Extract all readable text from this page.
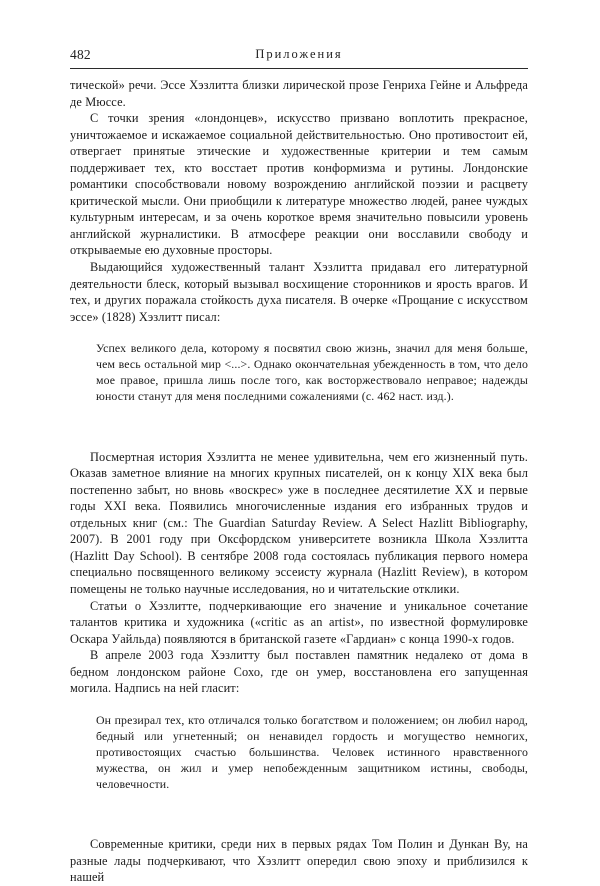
482	Приложения

тической» речи. Эссе Хэзлитта близки лирической прозе Генриха Гейне и Альфреда де Мюссе.

С точки зрения «лондонцев», искусство призвано воплотить прекрасное, уничтожаемое и искажаемое социальной действительностью. Оно противостоит ей, отвергает принятые этические и художественные критерии и тем самым поддерживает тех, кто восстает против конформизма и рутины. Лондонские романтики способствовали новому возрождению английской поэзии и расцвету критической мысли. Они приобщили к литературе множество людей, ранее чуждых культурным интересам, и за очень короткое время значительно повысили уровень английской журналистики. В атмосфере реакции они восславили свободу и открываемые ею духовные просторы.

Выдающийся художественный талант Хэзлитта придавал его литературной деятельности блеск, который вызывал восхищение сторонников и ярость врагов. И тех, и других поражала стойкость духа писателя. В очерке «Прощание с искусством эссе» (1828) Хэзлитт писал:

Успех великого дела, которому я посвятил свою жизнь, значил для меня больше, чем весь остальной мир <...>. Однако окончательная убежденность в том, что дело мое правое, пришла лишь после того, как восторжествовало неправое; надежды юности станут для меня последними сожалениями (с. 462 наст. изд.).

Посмертная история Хэзлитта не менее удивительна, чем его жизненный путь. Оказав заметное влияние на многих крупных писателей, он к концу XIX века был постепенно забыт, но вновь «воскрес» уже в последнее десятилетие XX и первые годы XXI века. Появились многочисленные издания его избранных трудов и отдельных книг (см.: The Guardian Saturday Review. A Select Hazlitt Bibliography, 2007). В 2001 году при Оксфордском университете возникла Школа Хэзлитта (Hazlitt Day School). В сентябре 2008 года состоялась публикация первого номера специально посвященного великому эссеисту журнала (Hazlitt Review), в котором помещены не только научные исследования, но и читательские отклики.

Статьи о Хэзлитте, подчеркивающие его значение и уникальное сочетание талантов критика и художника («critic as an artist», по известной формулировке Оскара Уайльда) появляются в британской газете «Гардиан» с конца 1990-х годов.

В апреле 2003 года Хэзлитту был поставлен памятник недалеко от дома в бедном лондонском районе Сохо, где он умер, восстановлена его запущенная могила. Надпись на ней гласит:

Он презирал тех, кто отличался только богатством и положением; он любил народ, бедный или угнетенный; он ненавидел гордость и могущество немногих, противостоящих счастью большинства. Человек истинного нравственного мужества, он жил и умер непобежденным защитником истины, свободы, человечности.

Современные критики, среди них в первых рядах Том Полин и Дункан Ву, на разные лады подчеркивают, что Хэзлитт опередил свою эпоху и приблизился к нашей
